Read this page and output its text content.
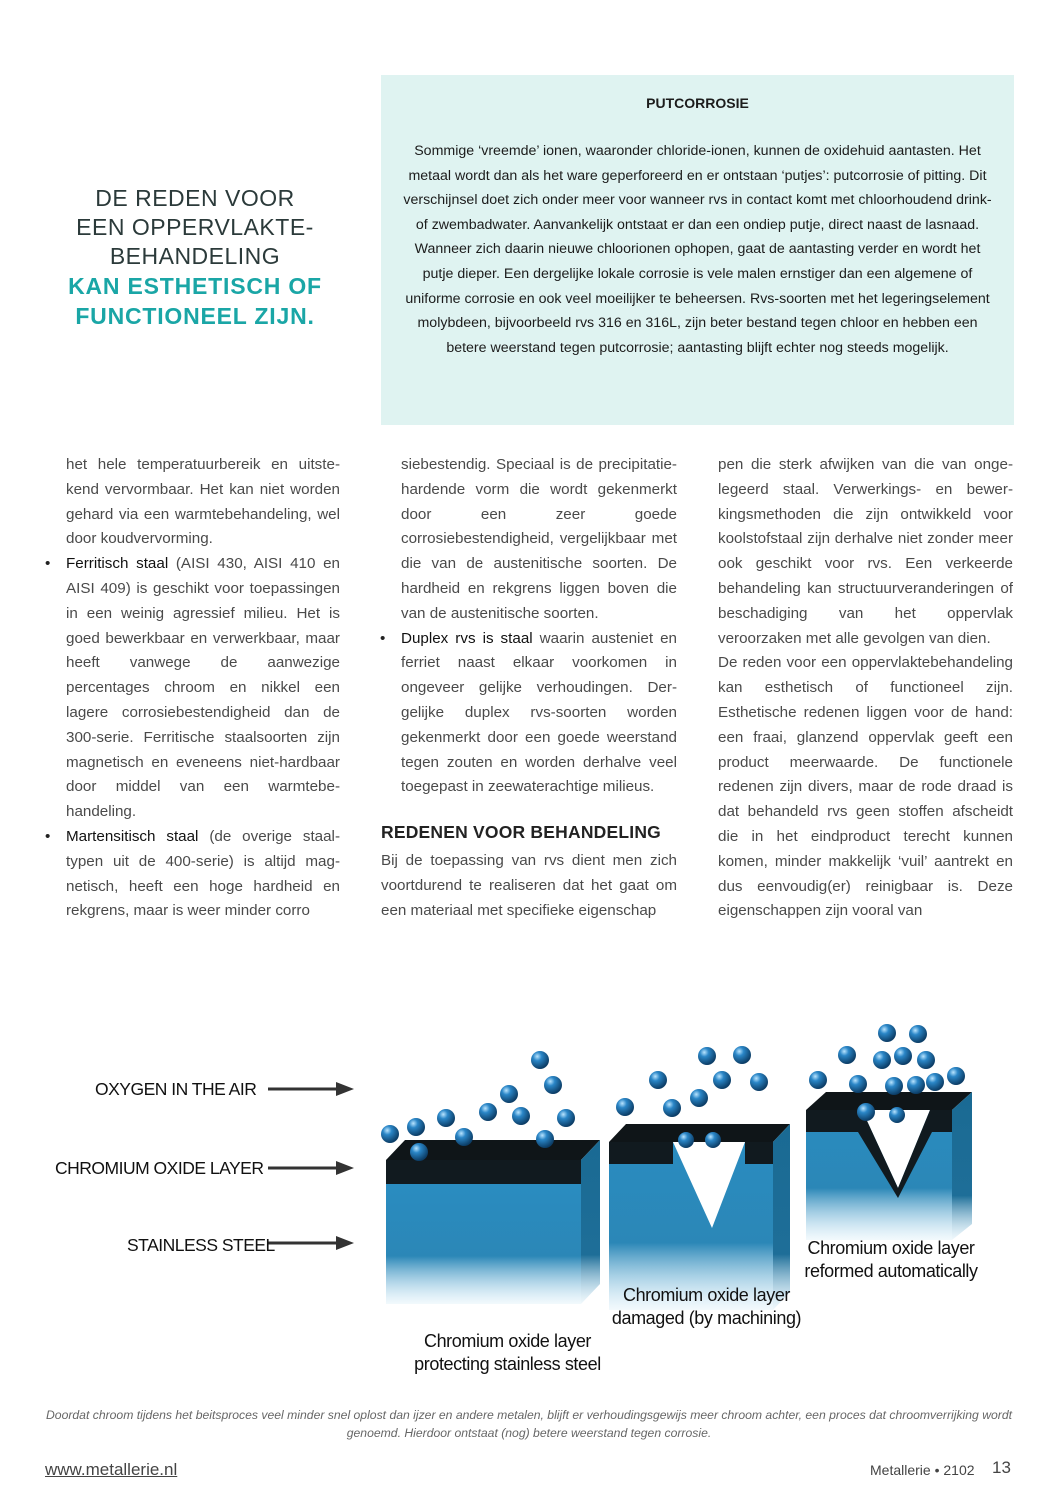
DE REDEN VOOR
EEN OPPERVLAKTE-
BEHANDELING
KAN ESTHETISCH OF
FUNCTIONEEL ZIJN.

PUTCORROSIE

Sommige ‘vreemde’ ionen, waaronder chloride-ionen, kunnen de oxidehuid aantasten. Het metaal wordt dan als het ware geperforeerd en er ontstaan ‘putjes’: putcorrosie of pitting. Dit verschijnsel doet zich onder meer voor wanneer rvs in contact komt met chloorhoudend drink- of zwembadwater. Aanvankelijk ontstaat er dan een ondiep putje, direct naast de lasnaad. Wanneer zich daarin nieuwe chloorionen ophopen, gaat de aantasting verder en wordt het putje dieper. Een dergelijke lokale corrosie is vele malen ernstiger dan een algemene of uniforme corrosie en ook veel moeilijker te beheersen. Rvs-soorten met het legeringselement molybdeen, bijvoorbeeld rvs 316 en 316L, zijn beter bestand tegen chloor en hebben een betere weerstand tegen putcorrosie; aantasting blijft echter nog steeds mogelijk.

het hele temperatuurbereik en uitstekend vervormbaar. Het kan niet worden gehard via een warmtebehandeling, wel door koudvervorming.

• Ferritisch staal (AISI 430, AISI 410 en AISI 409) is geschikt voor toepassingen in een weinig agressief milieu. Het is goed bewerkbaar en verwerkbaar, maar heeft vanwege de aanwezige percentages chroom en nikkel een lagere corrosiebestendigheid dan de 300-serie. Ferritische staalsoorten zijn magnetisch en eveneens niet-hardbaar door middel van een warmtebehandeling.

• Martensitisch staal (de overige staaltypen uit de 400-serie) is altijd magnetisch, heeft een hoge hardheid en rekgrens, maar is weer minder corro

siebestendig. Speciaal is de precipitatie-hardende vorm die wordt gekenmerkt door een zeer goede corrosiebestendigheid, vergelijkbaar met die van de austenitische soorten. De hardheid en rekgrens liggen boven die van de austenitische soorten.

• Duplex rvs is staal waarin austeniet en ferriet naast elkaar voorkomen in ongeveer gelijke verhoudingen. Dergelijke duplex rvs-soorten worden gekenmerkt door een goede weerstand tegen zouten en worden derhalve veel toegepast in zeewaterachtige milieus.

REDENEN VOOR BEHANDELING

Bij de toepassing van rvs dient men zich voortdurend te realiseren dat het gaat om een materiaal met specifieke eigenschap

pen die sterk afwijken van die van ongelegeerd staal. Verwerkings- en bewerkingsmethoden die zijn ontwikkeld voor koolstofstaal zijn derhalve niet zonder meer ook geschikt voor rvs. Een verkeerde behandeling kan structuurveranderingen of beschadiging van het oppervlak veroorzaken met alle gevolgen van dien.

De reden voor een oppervlaktebehandeling kan esthetisch of functioneel zijn. Esthetische redenen liggen voor de hand: een fraai, glanzend oppervlak geeft een product meerwaarde. De functionele redenen zijn divers, maar de rode draad is dat behandeld rvs geen stoffen afscheidt die in het eindproduct terecht kunnen komen, minder makkelijk ‘vuil’ aantrekt en dus eenvoudig(er) reinigbaar is. Deze eigenschappen zijn vooral van

OXYGEN IN THE AIR
CHROMIUM OXIDE LAYER
STAINLESS STEEL
Chromium oxide layer
protecting stainless steel
Chromium oxide layer
damaged (by machining)
Chromium oxide layer
reformed automatically
Doordat chroom tijdens het beitsproces veel minder snel oplost dan ijzer en andere metalen, blijft er verhoudingsgewijs meer chroom achter, een proces dat chroomverrijking wordt genoemd. Hierdoor ontstaat (nog) betere weerstand tegen corrosie.
www.metallerie.nl	Metallerie • 2102 13
